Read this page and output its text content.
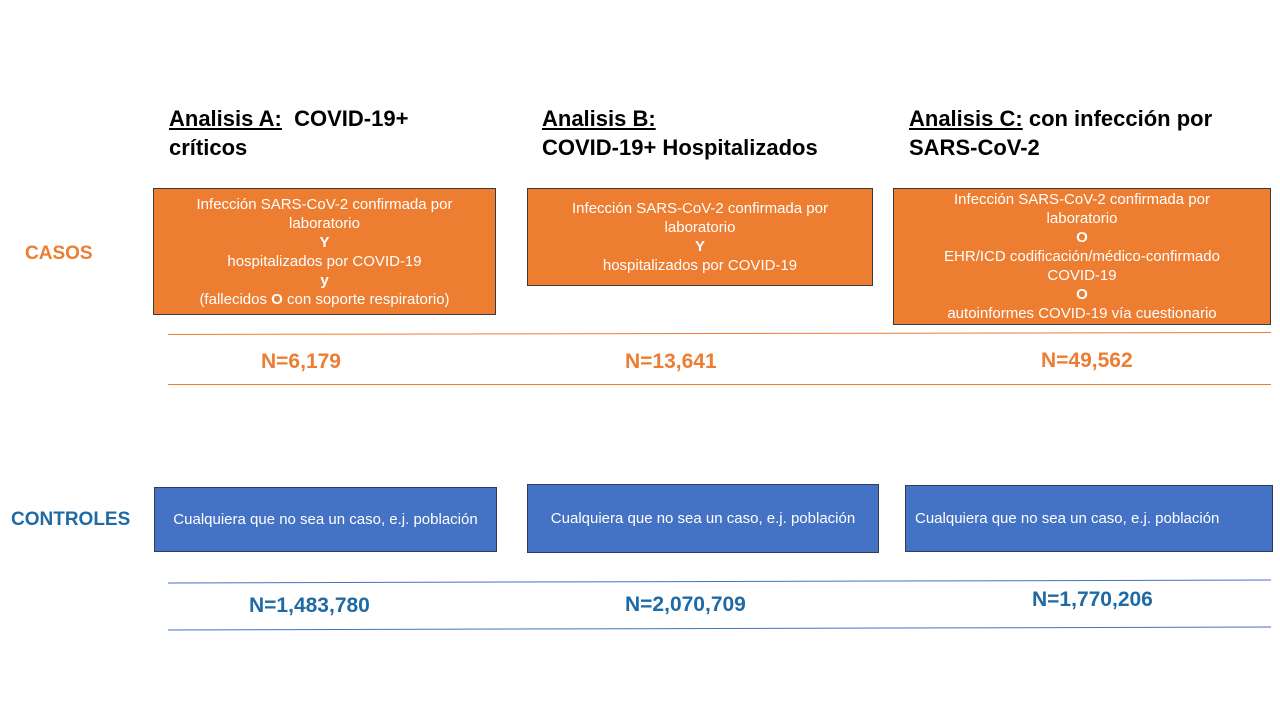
Analisis A: COVID-19+
críticos
Analisis B:
COVID-19+ Hospitalizados
Analisis C: con infección por
SARS-CoV-2
CASOS
CONTROLES
Infección SARS-CoV-2 confirmada por
laboratorio
Y
hospitalizados por COVID-19
y
(fallecidos O con soporte respiratorio)
Infección SARS-CoV-2 confirmada por
laboratorio
Y
hospitalizados por COVID-19
Infección SARS-CoV-2 confirmada por
laboratorio
O
EHR/ICD codificación/médico-confirmado
COVID-19
O
autoinformes COVID-19 vía cuestionario
N=6,179	N=13,641	N=49,562
Cualquiera que no sea un caso, e.j. población	Cualquiera que no sea un caso, e.j. población	Cualquiera que no sea un caso, e.j. población
N=1,483,780	N=2,070,709	N=1,770,206
